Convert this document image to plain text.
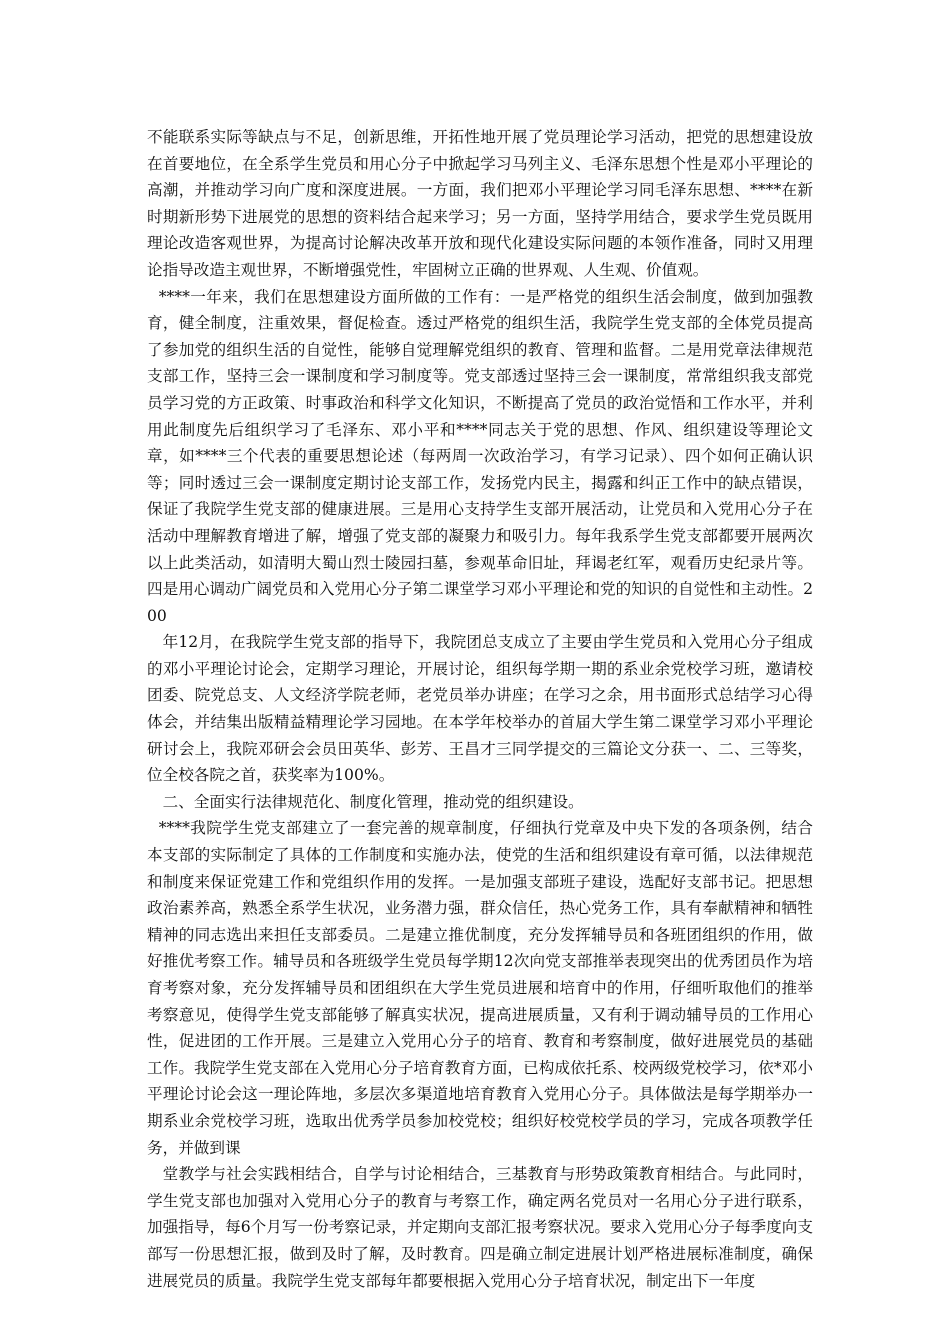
不能联系实际等缺点与不足，创新思维，开拓性地开展了党员理论学习活动，把党的思想建设放在首要地位，在全系学生党员和用心分子中掀起学习马列主义、毛泽东思想个性是邓小平理论的高潮，并推动学习向广度和深度进展。一方面，我们把邓小平理论学习同毛泽东思想、****在新时期新形势下进展党的思想的资料结合起来学习；另一方面，坚持学用结合，要求学生党员既用理论改造客观世界，为提高讨论解决改革开放和现代化建设实际问题的本领作准备，同时又用理论指导改造主观世界，不断增强党性，牢固树立正确的世界观、人生观、价值观。

****一年来，我们在思想建设方面所做的工作有：一是严格党的组织生活会制度，做到加强教育，健全制度，注重效果，督促检查。透过严格党的组织生活，我院学生党支部的全体党员提高了参加党的组织生活的自觉性，能够自觉理解党组织的教育、管理和监督。二是用党章法律规范支部工作，坚持三会一课制度和学习制度等。党支部透过坚持三会一课制度，常常组织我支部党员学习党的方正政策、时事政治和科学文化知识，不断提高了党员的政治觉悟和工作水平，并利用此制度先后组织学习了毛泽东、邓小平和****同志关于党的思想、作风、组织建设等理论文章，如****三个代表的重要思想论述（每两周一次政治学习，有学习记录）、四个如何正确认识等；同时透过三会一课制度定期讨论支部工作，发扬党内民主，揭露和纠正工作中的缺点错误，保证了我院学生党支部的健康进展。三是用心支持学生支部开展活动，让党员和入党用心分子在活动中理解教育增进了解，增强了党支部的凝聚力和吸引力。每年我系学生党支部都要开展两次以上此类活动，如清明大蜀山烈士陵园扫墓，参观革命旧址，拜谒老红军，观看历史纪录片等。四是用心调动广阔党员和入党用心分子第二课堂学习邓小平理论和党的知识的自觉性和主动性。200

年12月，在我院学生党支部的指导下，我院团总支成立了主要由学生党员和入党用心分子组成的邓小平理论讨论会，定期学习理论，开展讨论，组织每学期一期的系业余党校学习班，邀请校团委、院党总支、人文经济学院老师，老党员举办讲座；在学习之余，用书面形式总结学习心得体会，并结集出版精益精理论学习园地。在本学年校举办的首届大学生第二课堂学习邓小平理论研讨会上，我院邓研会会员田英华、彭芳、王昌才三同学提交的三篇论文分获一、二、三等奖，位全校各院之首，获奖率为100%。

二、全面实行法律规范化、制度化管理，推动党的组织建设。

****我院学生党支部建立了一套完善的规章制度，仔细执行党章及中央下发的各项条例，结合本支部的实际制定了具体的工作制度和实施办法，使党的生活和组织建设有章可循，以法律规范和制度来保证党建工作和党组织作用的发挥。一是加强支部班子建设，选配好支部书记。把思想政治素养高，熟悉全系学生状况，业务潜力强，群众信任，热心党务工作，具有奉献精神和牺牲精神的同志选出来担任支部委员。二是建立推优制度，充分发挥辅导员和各班团组织的作用，做好推优考察工作。辅导员和各班级学生党员每学期12次向党支部推举表现突出的优秀团员作为培育考察对象，充分发挥辅导员和团组织在大学生党员进展和培育中的作用，仔细听取他们的推举考察意见，使得学生党支部能够了解真实状况，提高进展质量，又有利于调动辅导员的工作用心性，促进团的工作开展。三是建立入党用心分子的培育、教育和考察制度，做好进展党员的基础工作。我院学生党支部在入党用心分子培育教育方面，已构成依托系、校两级党校学习，依*邓小平理论讨论会这一理论阵地，多层次多渠道地培育教育入党用心分子。具体做法是每学期举办一期系业余党校学习班，选取出优秀学员参加校党校；组织好校党校学员的学习，完成各项教学任务，并做到课

堂教学与社会实践相结合，自学与讨论相结合，三基教育与形势政策教育相结合。与此同时，学生党支部也加强对入党用心分子的教育与考察工作，确定两名党员对一名用心分子进行联系，加强指导，每6个月写一份考察记录，并定期向支部汇报考察状况。要求入党用心分子每季度向支部写一份思想汇报，做到及时了解，及时教育。四是确立制定进展计划严格进展标准制度，确保进展党员的质量。我院学生党支部每年都要根据入党用心分子培育状况，制定出下一年度
